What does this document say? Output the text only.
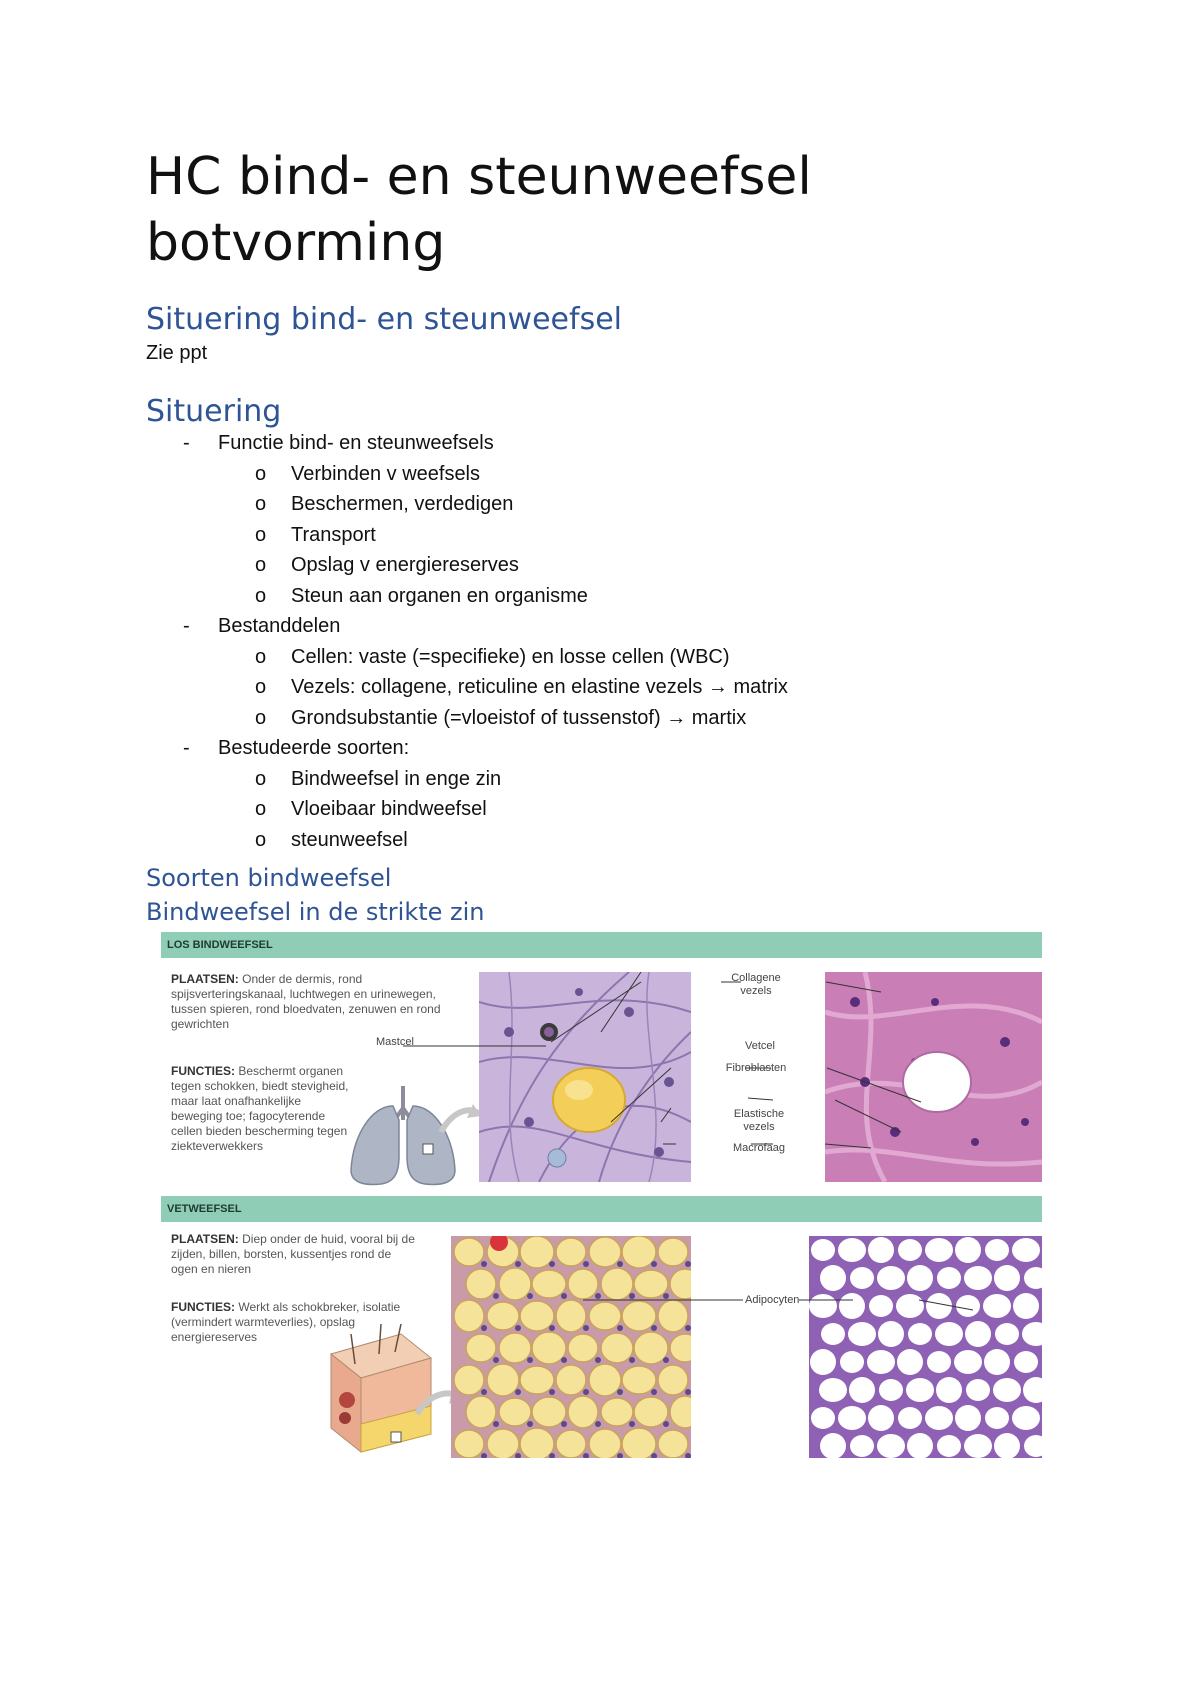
HC bind- en steunweefsel
botvorming
Situering bind- en steunweefsel
Zie ppt
Situering
- Functie bind- en steunweefsels
o Verbinden v weefsels
o Beschermen, verdedigen
o Transport
o Opslag v energiereserves
o Steun aan organen en organisme
- Bestanddelen
o Cellen: vaste (=specifieke) en losse cellen (WBC)
o Vezels: collagene, reticuline en elastine vezels → matrix
o Grondsubstantie (=vloeistof of tussenstof) → martix
- Bestudeerde soorten:
o Bindweefsel in enge zin
o Vloeibaar bindweefsel
o steunweefsel
Soorten bindweefsel
Bindweefsel in de strikte zin
LOS BINDWEEFSEL
PLAATSEN: Onder de dermis, rond spijsverteringskanaal, luchtwegen en urinewegen, tussen spieren, rond bloedvaten, zenuwen en rond gewrichten
FUNCTIES: Beschermt organen tegen schokken, biedt stevigheid, maar laat onafhankelijke beweging toe; fagocyterende cellen bieden bescherming tegen ziekteverwekkers
Mastcel
Collagene vezels
Vetcel
Fibroblasten
Elastische vezels
Macrofaag
VETWEEFSEL
PLAATSEN: Diep onder de huid, vooral bij de zijden, billen, borsten, kussentjes rond de ogen en nieren
FUNCTIES: Werkt als schokbreker, isolatie (vermindert warmteverlies), opslag energiereserves
Adipocyten
